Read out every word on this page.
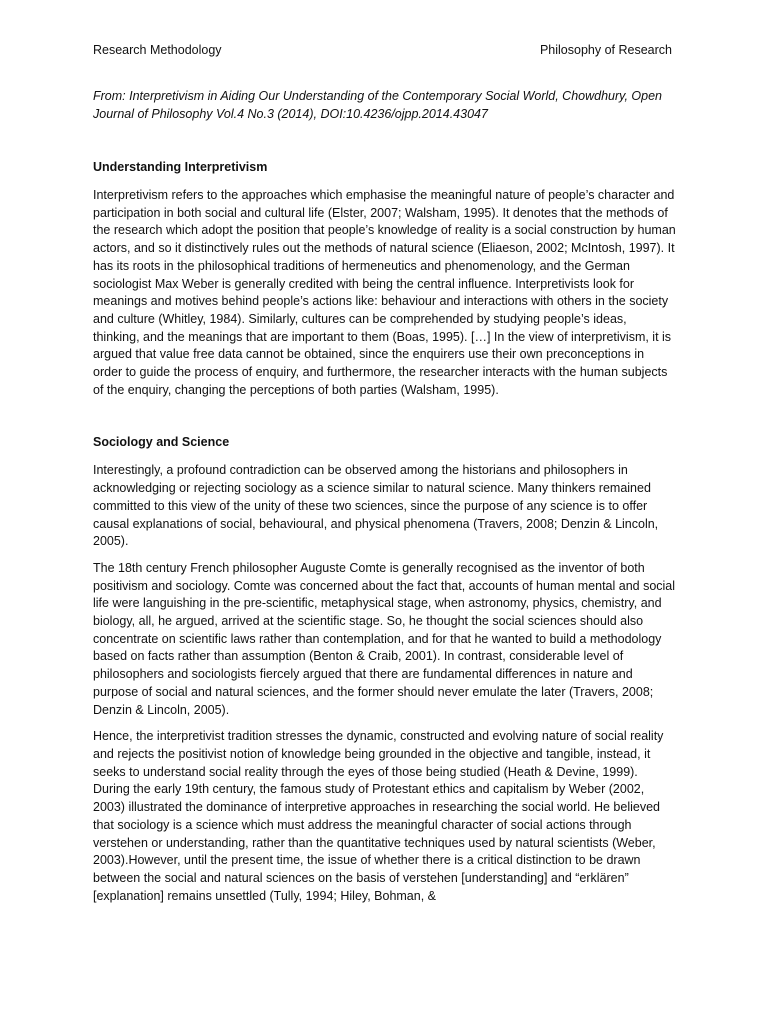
Research Methodology	Philosophy of Research
From: Interpretivism in Aiding Our Understanding of the Contemporary Social World, Chowdhury, Open Journal of Philosophy Vol.4 No.3 (2014), DOI:10.4236/ojpp.2014.43047
Understanding Interpretivism

Interpretivism refers to the approaches which emphasise the meaningful nature of people’s character and participation in both social and cultural life (Elster, 2007; Walsham, 1995). It denotes that the methods of the research which adopt the position that people’s knowledge of reality is a social construction by human actors, and so it distinctively rules out the methods of natural science (Eliaeson, 2002; McIntosh, 1997). It has its roots in the philosophical traditions of hermeneutics and phenomenology, and the German sociologist Max Weber is generally credited with being the central influence. Interpretivists look for meanings and motives behind people’s actions like: behaviour and interactions with others in the society and culture (Whitley, 1984). Similarly, cultures can be comprehended by studying people’s ideas, thinking, and the meanings that are important to them (Boas, 1995). […] In the view of interpretivism, it is argued that value free data cannot be obtained, since the enquirers use their own preconceptions in order to guide the process of enquiry, and furthermore, the researcher interacts with the human subjects of the enquiry, changing the perceptions of both parties (Walsham, 1995).

Sociology and Science

Interestingly, a profound contradiction can be observed among the historians and philosophers in acknowledging or rejecting sociology as a science similar to natural science. Many thinkers remained committed to this view of the unity of these two sciences, since the purpose of any science is to offer causal explanations of social, behavioural, and physical phenomena (Travers, 2008; Denzin & Lincoln, 2005).

The 18th century French philosopher Auguste Comte is generally recognised as the inventor of both positivism and sociology. Comte was concerned about the fact that, accounts of human mental and social life were languishing in the pre-scientific, metaphysical stage, when astronomy, physics, chemistry, and biology, all, he argued, arrived at the scientific stage. So, he thought the social sciences should also concentrate on scientific laws rather than contemplation, and for that he wanted to build a methodology based on facts rather than assumption (Benton & Craib, 2001). In contrast, considerable level of philosophers and sociologists fiercely argued that there are fundamental differences in nature and purpose of social and natural sciences, and the former should never emulate the later (Travers, 2008; Denzin & Lincoln, 2005).

Hence, the interpretivist tradition stresses the dynamic, constructed and evolving nature of social reality and rejects the positivist notion of knowledge being grounded in the objective and tangible, instead, it seeks to understand social reality through the eyes of those being studied (Heath & Devine, 1999). During the early 19th century, the famous study of Protestant ethics and capitalism by Weber (2002, 2003) illustrated the dominance of interpretive approaches in researching the social world. He believed that sociology is a science which must address the meaningful character of social actions through verstehen or understanding, rather than the quantitative techniques used by natural scientists (Weber, 2003).However, until the present time, the issue of whether there is a critical distinction to be drawn between the social and natural sciences on the basis of verstehen [understanding] and “erklären” [explanation] remains unsettled (Tully, 1994; Hiley, Bohman, &
